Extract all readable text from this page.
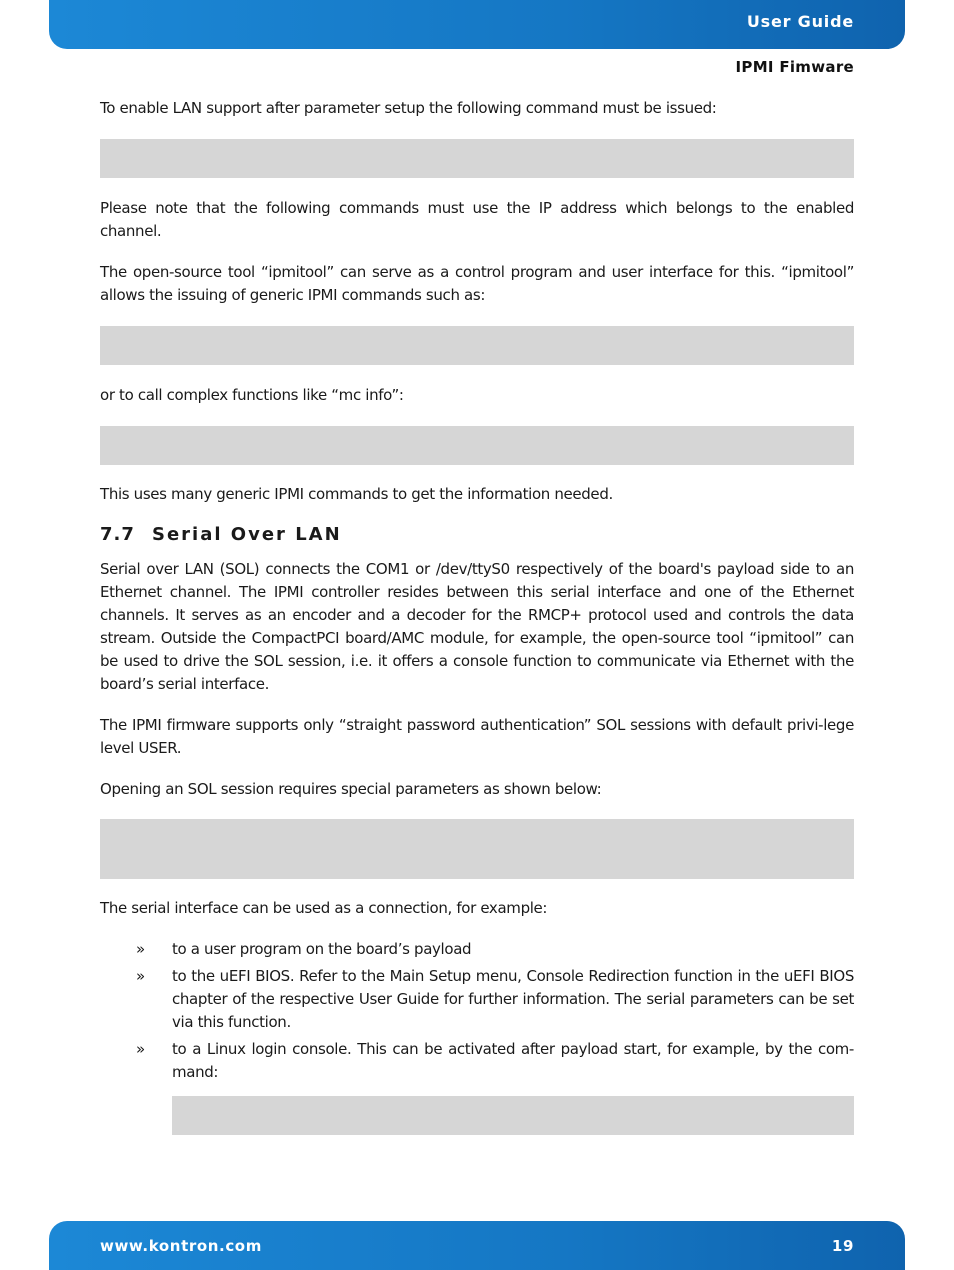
User Guide
IPMI Fimware

To enable LAN support after parameter setup the following command must be issued:

Please note that the following commands must use the IP address which belongs to the enabled channel.

The open-source tool “ipmitool” can serve as a control program and user interface for this. “ipmitool” allows the issuing of generic IPMI commands such as:

or to call complex functions like “mc info”:

This uses many generic IPMI commands to get the information needed.

7.7 Serial Over LAN

Serial over LAN (SOL) connects the COM1 or /dev/ttyS0 respectively of the board's payload side to an Ethernet channel. The IPMI controller resides between this serial interface and one of the Ethernet channels. It serves as an encoder and a decoder for the RMCP+ protocol used and controls the data stream. Outside the CompactPCI board/AMC module, for example, the open-source tool “ipmitool” can be used to drive the SOL session, i.e. it offers a console function to communicate via Ethernet with the board’s serial interface.

The IPMI firmware supports only “straight password authentication” SOL sessions with default privi-lege level USER.

Opening an SOL session requires special parameters as shown below:

The serial interface can be used as a connection, for example:

» to a user program on the board’s payload
» to the uEFI BIOS. Refer to the Main Setup menu, Console Redirection function in the uEFI BIOS chapter of the respective User Guide for further information. The serial parameters can be set via this function.
» to a Linux login console. This can be activated after payload start, for example, by the com-mand:
www.kontron.com	19
